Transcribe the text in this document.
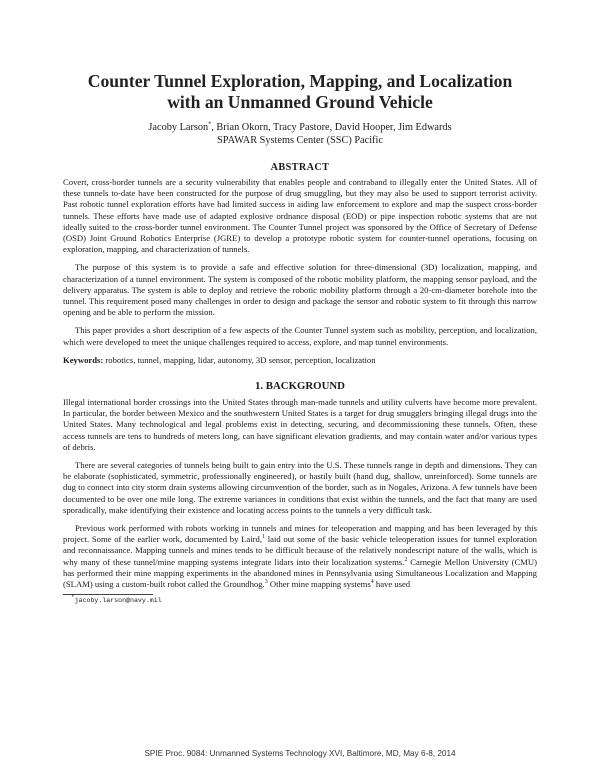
Counter Tunnel Exploration, Mapping, and Localization
with an Unmanned Ground Vehicle
Jacoby Larson*, Brian Okorn, Tracy Pastore, David Hooper, Jim Edwards
SPAWAR Systems Center (SSC) Pacific
ABSTRACT

Covert, cross-border tunnels are a security vulnerability that enables people and contraband to illegally enter the United States. All of these tunnels to-date have been constructed for the purpose of drug smuggling, but they may also be used to support terrorist activity. Past robotic tunnel exploration efforts have had limited success in aiding law enforcement to explore and map the suspect cross-border tunnels. These efforts have made use of adapted explosive ordnance disposal (EOD) or pipe inspection robotic systems that are not ideally suited to the cross-border tunnel environment. The Counter Tunnel project was sponsored by the Office of Secretary of Defense (OSD) Joint Ground Robotics Enterprise (JGRE) to develop a prototype robotic system for counter-tunnel operations, focusing on exploration, mapping, and characterization of tunnels.

The purpose of this system is to provide a safe and effective solution for three-dimensional (3D) localization, mapping, and characterization of a tunnel environment. The system is composed of the robotic mobility platform, the mapping sensor payload, and the delivery apparatus. The system is able to deploy and retrieve the robotic mobility platform through a 20-cm-diameter borehole into the tunnel. This requirement posed many challenges in order to design and package the sensor and robotic system to fit through this narrow opening and be able to perform the mission.

This paper provides a short description of a few aspects of the Counter Tunnel system such as mobility, perception, and localization, which were developed to meet the unique challenges required to access, explore, and map tunnel environments.

Keywords: robotics, tunnel, mapping, lidar, autonomy, 3D sensor, perception, localization
1. BACKGROUND

Illegal international border crossings into the United States through man-made tunnels and utility culverts have become more prevalent. In particular, the border between Mexico and the southwestern United States is a target for drug smugglers bringing illegal drugs into the United States. Many technological and legal problems exist in detecting, securing, and decommissioning these tunnels. Often, these access tunnels are tens to hundreds of meters long, can have significant elevation gradients, and may contain water and/or various types of debris.

There are several categories of tunnels being built to gain entry into the U.S. These tunnels range in depth and dimensions. They can be elaborate (sophisticated, symmetric, professionally engineered), or hastily built (hand dug, shallow, unreinforced). Some tunnels are dug to connect into city storm drain systems allowing circumvention of the border, such as in Nogales, Arizona. A few tunnels have been documented to be over one mile long. The extreme variances in conditions that exist within the tunnels, and the fact that many are used sporadically, make identifying their existence and locating access points to the tunnels a very difficult task.

Previous work performed with robots working in tunnels and mines for teleoperation and mapping and has been leveraged by this project. Some of the earlier work, documented by Laird,$^1$ laid out some of the basic vehicle teleoperation issues for tunnel exploration and reconnaissance. Mapping tunnels and mines tends to be difficult because of the relatively nondescript nature of the walls, which is why many of these tunnel/mine mapping systems integrate lidars into their localization systems.$^2$ Carnegie Mellon University (CMU) has performed their mine mapping experiments in the abandoned mines in Pennsylvania using Simultaneous Localization and Mapping (SLAM) using a custom-built robot called the Groundhog.$^3$ Other mine mapping systems$^4$ have used

*jacoby.larson@navy.mil
SPIE Proc. 9084: Unmanned Systems Technology XVI, Baltimore, MD, May 6-8, 2014
